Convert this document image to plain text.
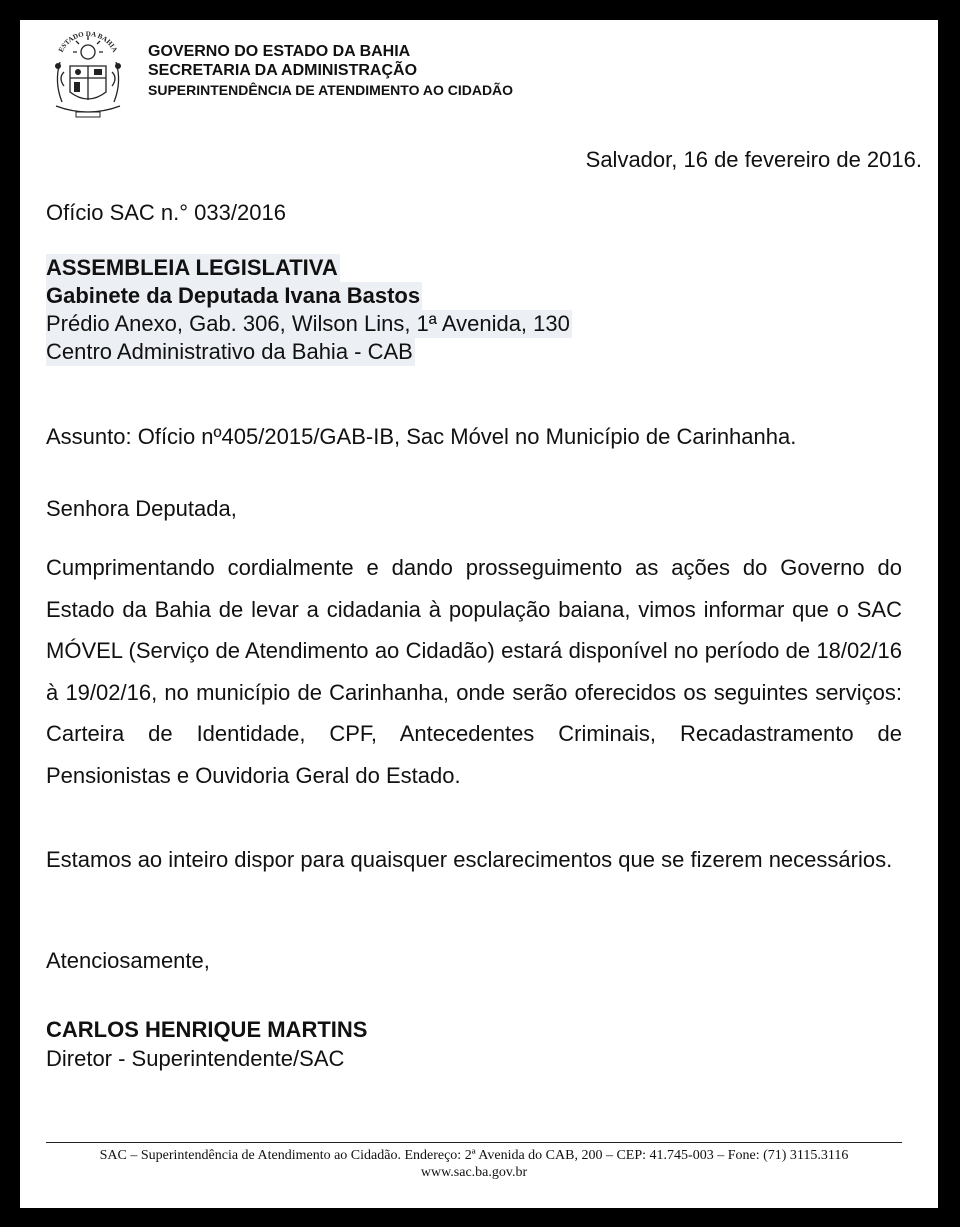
ESTADO DA BAHIA GOVERNO DO ESTADO DA BAHIA
SECRETARIA DA ADMINISTRAÇÃO
SUPERINTENDÊNCIA DE ATENDIMENTO AO CIDADÃO
Salvador, 16 de fevereiro de 2016.
Ofício SAC n.° 033/2016
ASSEMBLEIA LEGISLATIVA
Gabinete da Deputada Ivana Bastos
Prédio Anexo, Gab. 306, Wilson Lins, 1ª Avenida, 130
Centro Administrativo da Bahia - CAB
Assunto: Ofício nº405/2015/GAB-IB, Sac Móvel no Município de Carinhanha.
Senhora Deputada,

Cumprimentando cordialmente e dando prosseguimento as ações do Governo do Estado da Bahia de levar a cidadania à população baiana, vimos informar que o SAC MÓVEL (Serviço de Atendimento ao Cidadão) estará disponível no período de 18/02/16 à 19/02/16, no município de Carinhanha, onde serão oferecidos os seguintes serviços: Carteira de Identidade, CPF, Antecedentes Criminais, Recadastramento de Pensionistas e Ouvidoria Geral do Estado.

Estamos ao inteiro dispor para quaisquer esclarecimentos que se fizerem necessários.

Atenciosamente,
CARLOS HENRIQUE MARTINS
Diretor - Superintendente/SAC
SAC – Superintendência de Atendimento ao Cidadão. Endereço: 2ª Avenida do CAB, 200 – CEP: 41.745-003 – Fone: (71) 3115.3116
www.sac.ba.gov.br
